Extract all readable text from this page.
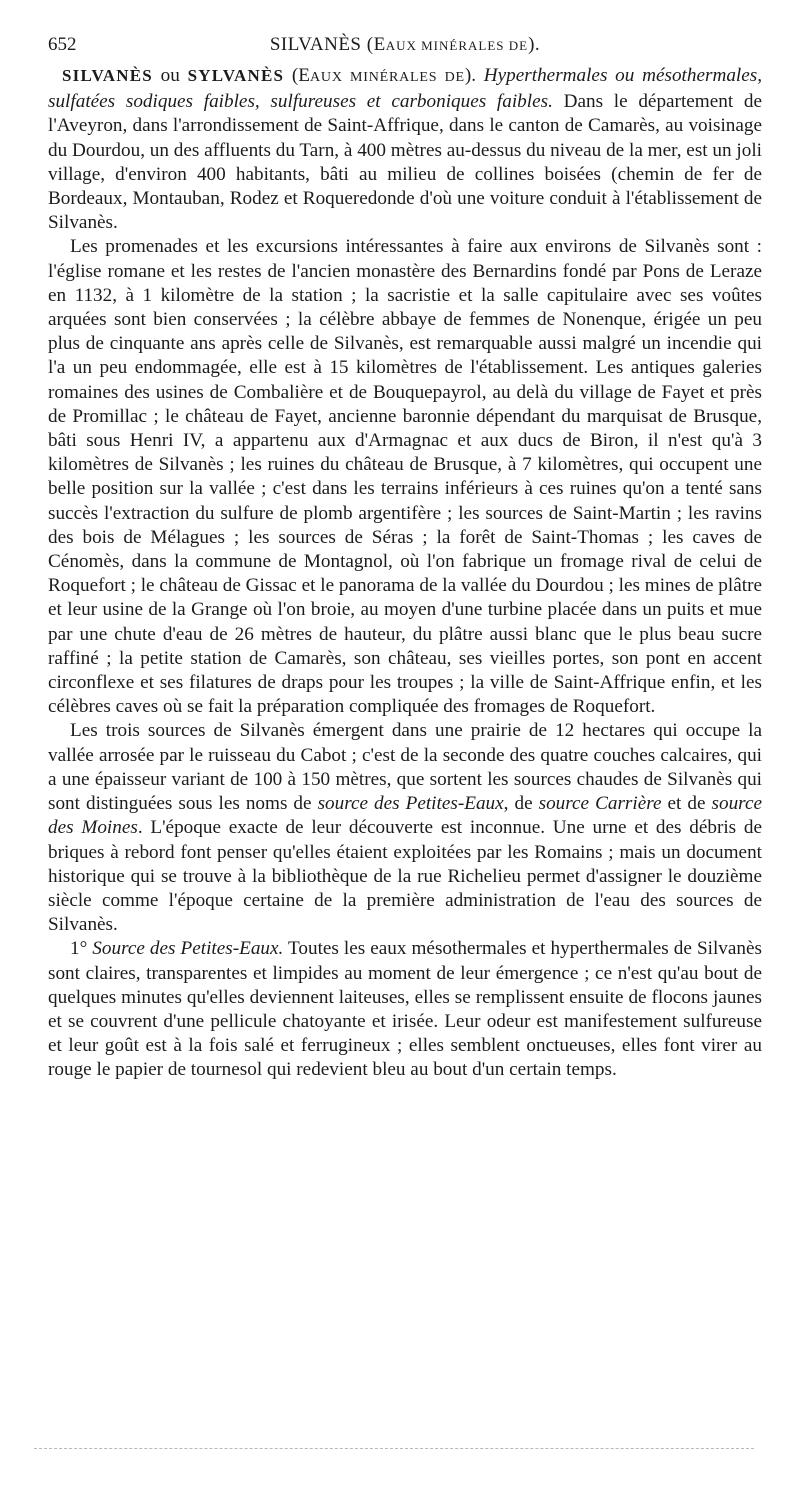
652	SILVANÈS (EAUX MINÉRALES DE).

SILVANÈS ou SYLVANÈS (EAUX MINÉRALES DE). Hyperthermales ou mésothermales, sulfatées sodiques faibles, sulfureuses et carboniques faibles. Dans le département de l'Aveyron, dans l'arrondissement de Saint-Affrique, dans le canton de Camarès, au voisinage du Dourdou, un des affluents du Tarn, à 400 mètres au-dessus du niveau de la mer, est un joli village, d'environ 400 habitants, bâti au milieu de collines boisées (chemin de fer de Bordeaux, Montauban, Rodez et Roqueredonde d'où une voiture conduit à l'établissement de Silvanès.

Les promenades et les excursions intéressantes à faire aux environs de Silvanès sont : l'église romane et les restes de l'ancien monastère des Bernardins fondé par Pons de Leraze en 1132, à 1 kilomètre de la station ; la sacristie et la salle capitulaire avec ses voûtes arquées sont bien conservées ; la célèbre abbaye de femmes de Nonenque, érigée un peu plus de cinquante ans après celle de Silvanès, est remarquable aussi malgré un incendie qui l'a un peu endommagée, elle est à 15 kilomètres de l'établissement. Les antiques galeries romaines des usines de Combalière et de Bouquepayrol, au delà du village de Fayet et près de Promillac ; le château de Fayet, ancienne baronnie dépendant du marquisat de Brusque, bâti sous Henri IV, a appartenu aux d'Armagnac et aux ducs de Biron, il n'est qu'à 3 kilomètres de Silvanès ; les ruines du château de Brusque, à 7 kilomètres, qui occupent une belle position sur la vallée ; c'est dans les terrains inférieurs à ces ruines qu'on a tenté sans succès l'extraction du sulfure de plomb argentifère ; les sources de Saint-Martin ; les ravins des bois de Mélagues ; les sources de Séras ; la forêt de Saint-Thomas ; les caves de Cénomès, dans la commune de Montagnol, où l'on fabrique un fromage rival de celui de Roquefort ; le château de Gissac et le panorama de la vallée du Dourdou ; les mines de plâtre et leur usine de la Grange où l'on broie, au moyen d'une turbine placée dans un puits et mue par une chute d'eau de 26 mètres de hauteur, du plâtre aussi blanc que le plus beau sucre raffiné ; la petite station de Camarès, son château, ses vieilles portes, son pont en accent circonflexe et ses filatures de draps pour les troupes ; la ville de Saint-Affrique enfin, et les célèbres caves où se fait la préparation compliquée des fromages de Roquefort.

Les trois sources de Silvanès émergent dans une prairie de 12 hectares qui occupe la vallée arrosée par le ruisseau du Cabot ; c'est de la seconde des quatre couches calcaires, qui a une épaisseur variant de 100 à 150 mètres, que sortent les sources chaudes de Silvanès qui sont distinguées sous les noms de source des Petites-Eaux, de source Carrière et de source des Moines. L'époque exacte de leur découverte est inconnue. Une urne et des débris de briques à rebord font penser qu'elles étaient exploitées par les Romains ; mais un document historique qui se trouve à la bibliothèque de la rue Richelieu permet d'assigner le douzième siècle comme l'époque certaine de la première administration de l'eau des sources de Silvanès.

1° Source des Petites-Eaux. Toutes les eaux mésothermales et hyperthermales de Silvanès sont claires, transparentes et limpides au moment de leur émergence ; ce n'est qu'au bout de quelques minutes qu'elles deviennent laiteuses, elles se remplissent ensuite de flocons jaunes et se couvrent d'une pellicule chatoyante et irisée. Leur odeur est manifestement sulfureuse et leur goût est à la fois salé et ferrugineux ; elles semblent onctueuses, elles font virer au rouge le papier de tournesol qui redevient bleu au bout d'un certain temps.
